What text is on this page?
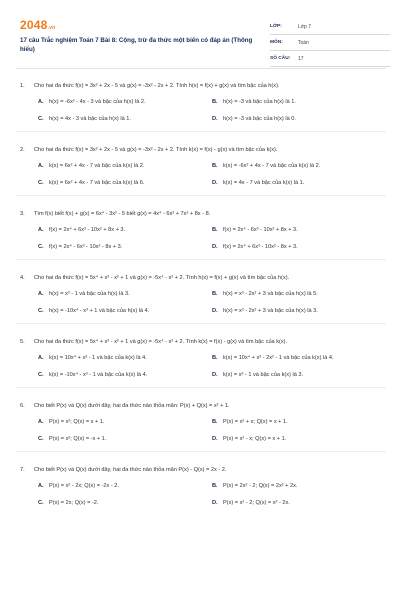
2048.vn
17 câu Trắc nghiệm Toán 7 Bài 8: Cộng, trừ đa thức một biến có đáp án (Thông hiểu)
LỚP:	Lớp 7
MÔN:	Toán
SỐ CÂU:	17
1.	Cho hai đa thức f(x) = 3x² + 2x - 5 và g(x) = -3x² - 2x + 2. Tính h(x) = f(x) + g(x) và tìm bậc của h(x).
A. h(x) = -6x² - 4x - 3 và bậc của h(x) là 2.	B. h(x) = -3 và bậc của h(x) là 1.
C. h(x) = 4x - 3 và bậc của h(x) là 1.	D. h(x) = -3 và bậc của h(x) là 0.
2.	Cho hai đa thức f(x) = 3x² + 2x - 5 và g(x) = -3x² - 2x + 2. Tính k(x) = f(x) - g(x) và tìm bậc của k(x).
A. k(x) = 6x² + 4x - 7 và bậc của k(x) là 2.	B. k(x) = -6x² + 4x - 7 và bậc của k(x) là 2.
C. k(x) = 6x² + 4x - 7 và bậc của k(x) là 6.	D. k(x) = 4x - 7 và bậc của k(x) là 1.
3.	Tìm f(x) biết f(x) + g(x) = 6x⁴ - 3x² - 5 biết g(x) = 4x⁴ - 6x³ + 7x² + 8x - 8.
A. f(x) = 2x⁴ + 6x³ - 10x² + 8x + 3.	B. f(x) = 2x⁴ - 6x³ - 10x² + 8x + 3.
C. f(x) = 2x⁴ - 6x³ - 10x² - 8x + 3.	D. f(x) = 2x⁴ + 6x³ - 10x² - 8x + 3.
4.	Cho hai đa thức f(x) = 5x⁴ + x³ - x² + 1 và g(x) = -5x⁴ - x² + 2. Tính h(x) = f(x) + g(x) và tìm bậc của h(x).
A. h(x) = x³ - 1 và bậc của h(x) là 3.	B. h(x) = x³ - 2x² + 3 và bậc của h(x) là 5.
C. h(x) = -10x⁴ - x³ + 1 và bậc của h(x) là 4.	D. h(x) = x³ - 2x² + 3 và bậc của h(x) là 3.
5.	Cho hai đa thức f(x) = 5x⁴ + x³ - x² + 1 và g(x) = -5x⁴ - x² + 2. Tính k(x) = f(x) - g(x) và tìm bậc của k(x).
A. k(x) = 10x⁴ + x³ - 1 và bậc của k(x) là 4.	B. k(x) = 10x⁴ + x³ - 2x² - 1 và bậc của k(x) là 4.
C. k(x) = -10x⁴ - x³ - 1 và bậc của k(x) là 4.	D. k(x) = x³ - 1 và bậc của k(x) là 3.
6.	Cho biết P(x) và Q(x) dưới đây, hai đa thức nào thỏa mãn: P(x) + Q(x) = x² + 1.
A. P(x) = x²; Q(x) = x + 1.	B. P(x) = x² + x; Q(x) = x + 1.
C. P(x) = x²; Q(x) = -x + 1.	D. P(x) = x² - x; Q(x) = x + 1.
7.	Cho biết P(x) và Q(x) dưới đây, hai đa thức nào thỏa mãn P(x) - Q(x) = 2x - 2.
A. P(x) = x² - 2x; Q(x) = -2x - 2.	B. P(x) = 2x² - 2; Q(x) = 2x² + 2x.
C. P(x) = 2x; Q(x) = -2.	D. P(x) = x² - 2; Q(x) = x² - 2x.
